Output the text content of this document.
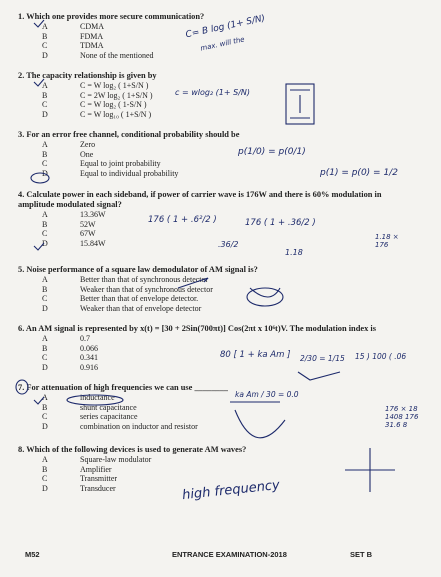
1. Which one provides more secure communication?
A	CDMA
B	FDMA
C	TDMA
D	None of the mentioned
2. The capacity relationship is given by
A	C = W log₂ ( 1+S/N )
B	C = 2W log₂ ( 1+S/N )
C	C = W log₂ ( 1-S/N )
D	C = W log₁₀ ( 1+S/N )
3. For an error free channel, conditional probability should be
A	Zero
B	One
C	Equal to joint probability
D	Equal to individual probability
4. Calculate power in each sideband, if power of carrier wave is 176W and there is 60% modulation in amplitude modulated signal?
A	13.36W
B	52W
C	67W
D	15.84W
5. Noise performance of a square law demodulator of AM signal is?
A	Better than that of synchronous detector
B	Weaker than that of synchronous detector
C	Better than that of envelope detector.
D	Weaker than that of envelope detector
6. An AM signal is represented by x(t) = [30 + 2Sin(700πt)] Cos(2πt x 10⁶t)V. The modulation index is
A	0.7
B	0.066
C	0.341
D	0.916
7. For attenuation of high frequencies we can use ________
A	inductance
B	shunt capacitance
C	series capacitance
D	combination on inductor and resistor
8. Which of the following devices is used to generate AM waves?
A	Square-law modulator
B	Amplifier
C	Transmitter
D	Transducer
C= B log (1+ S/N)
max. will the
c = wlog₂ (1+ S/N)
p(1/0) = p(0/1)
p(1) = p(0) = 1/2
176 ( 1 + .6²/2 )	176 ( 1 + .36/2 )
.36/2
1.18
1.18 × 176
80 [ 1 + ka Am ] 2/30 = 1/15 15 ) 100 ( .06
ka Am / 30 = 0.0
176 × 18 1408 176 31.6 8
high frequency
M52	ENTRANCE EXAMINATION-2018	SET B
